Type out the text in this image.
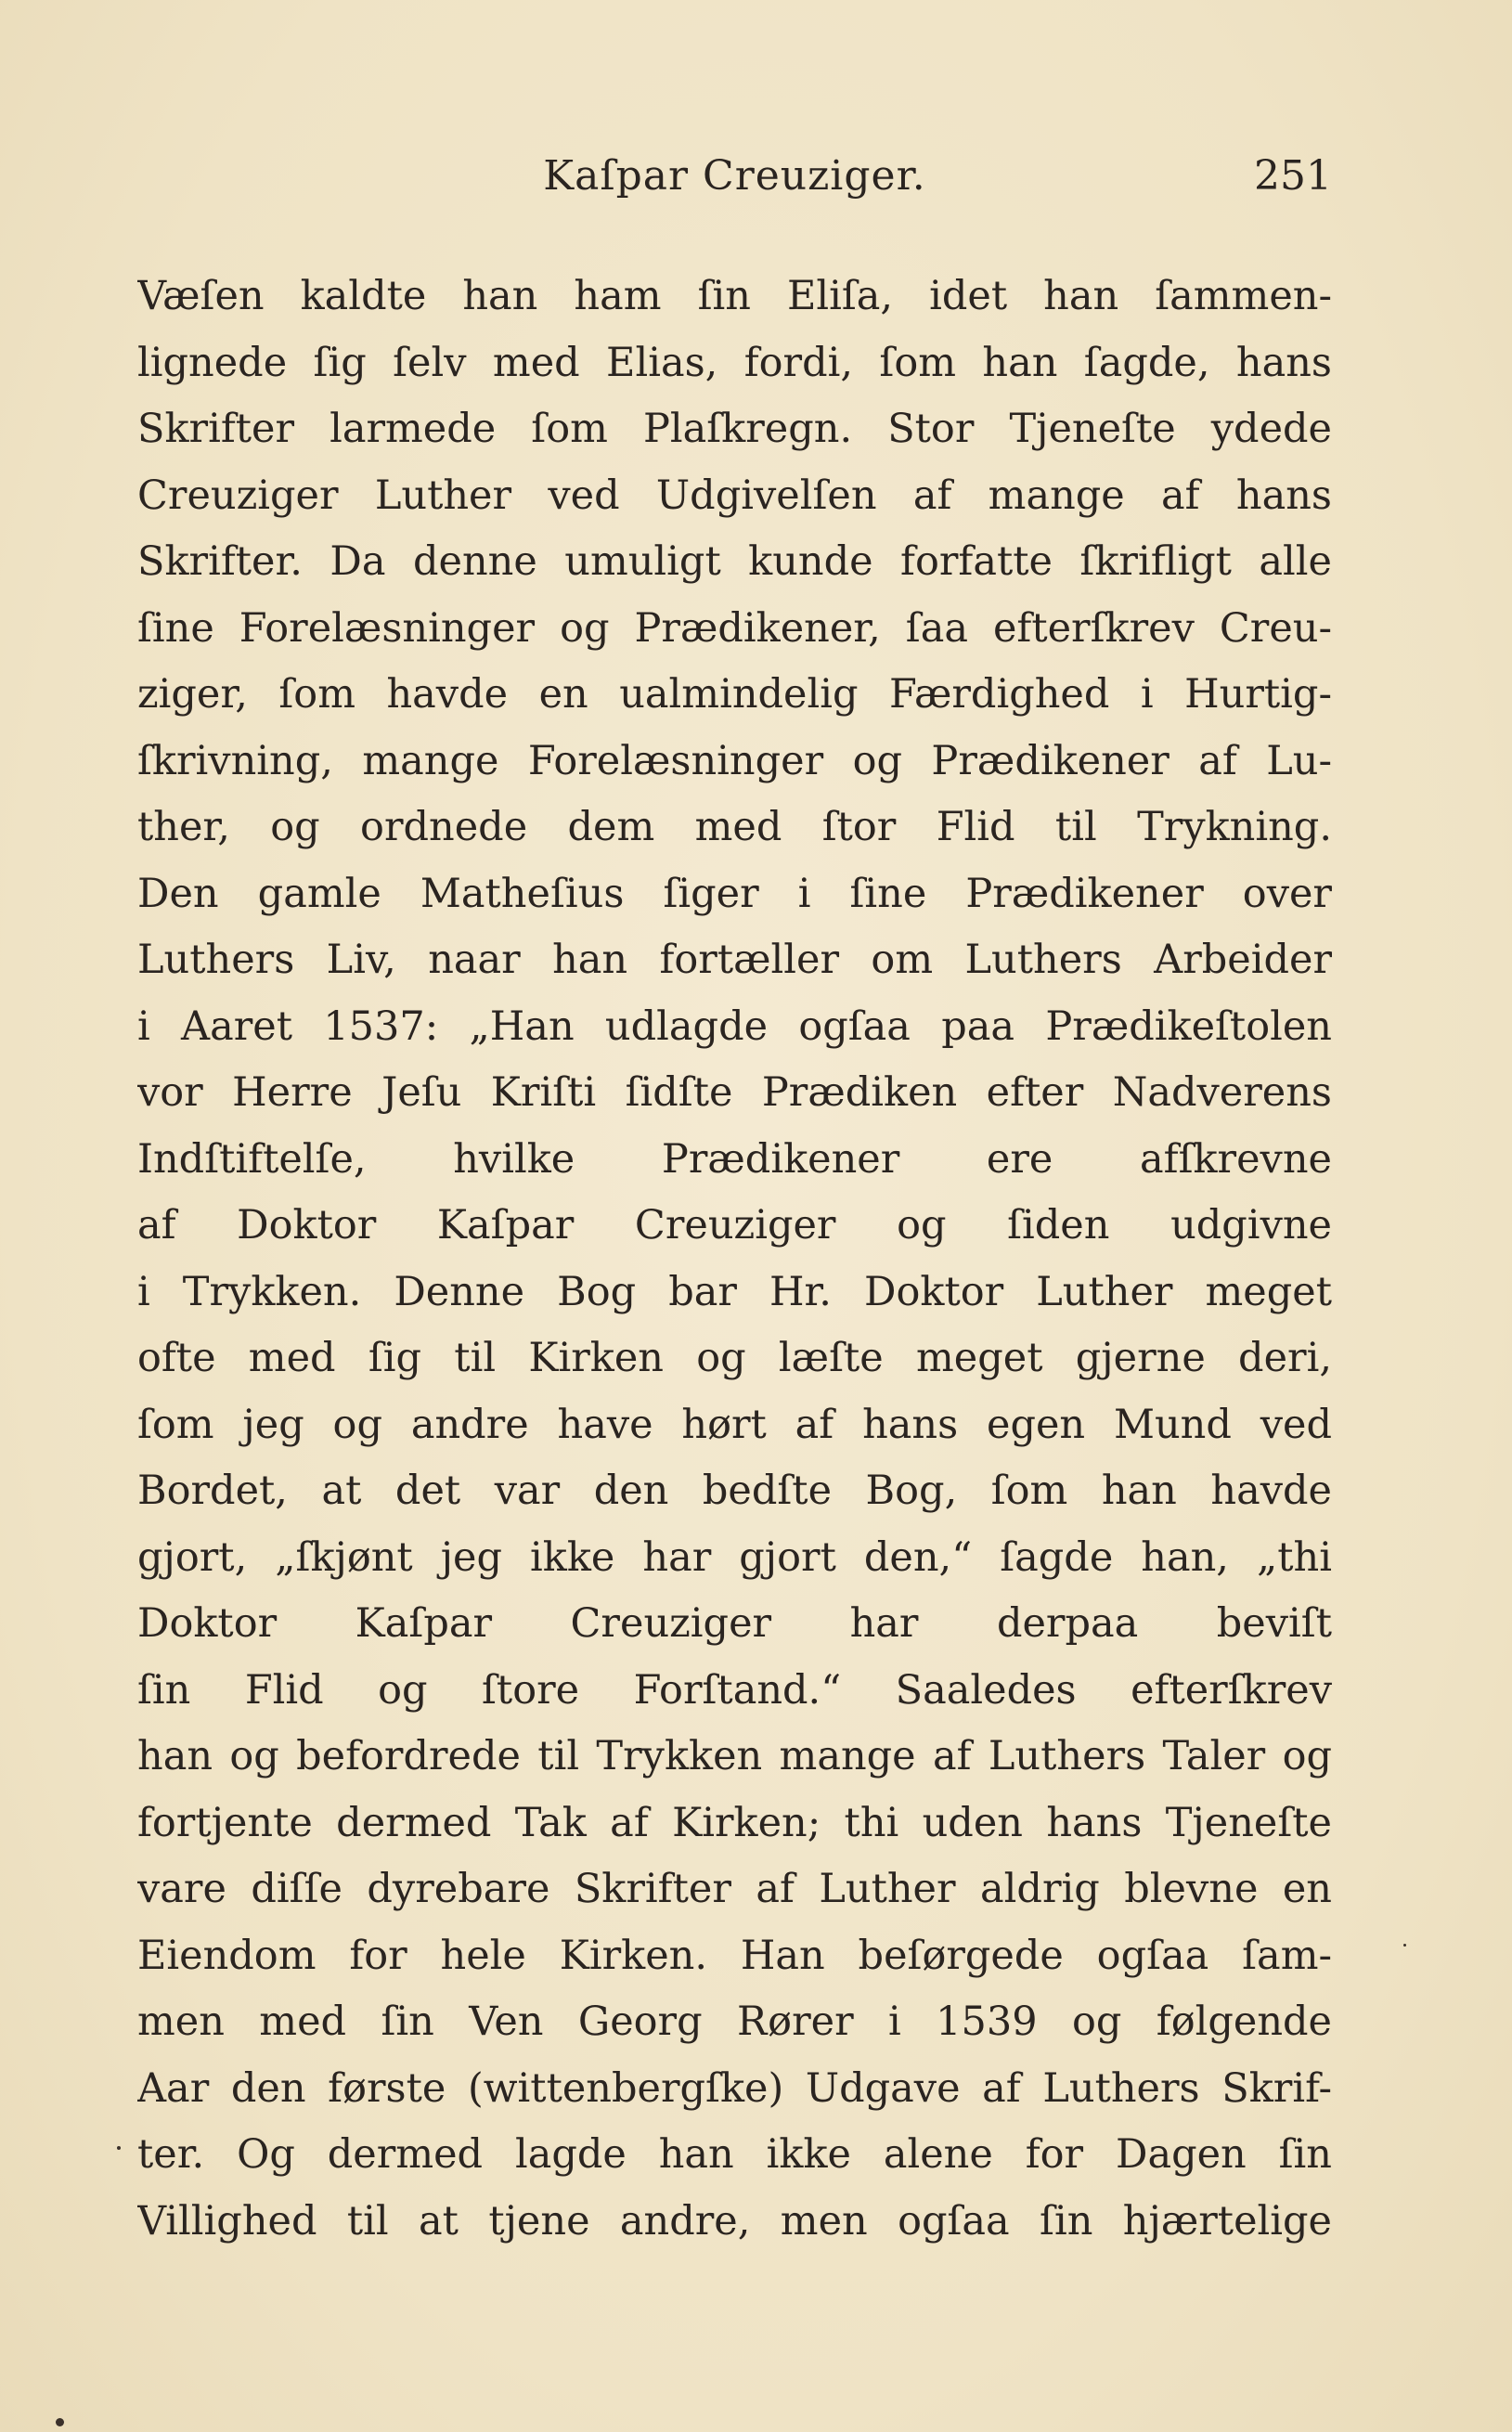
Kaſpar Creuziger.	251
Væſen kaldte han ham ſin Eliſa, idet han ſammen-
lignede ſig ſelv med Elias, fordi, ſom han ſagde, hans
Skrifter larmede ſom Plaſkregn. Stor Tjeneſte ydede
Creuziger Luther ved Udgivelſen af mange af hans
Skrifter. Da denne umuligt kunde forfatte ſkrifligt alle
ſine Forelæsninger og Prædikener, ſaa efterſkrev Creu-
ziger, ſom havde en ualmindelig Færdighed i Hurtig-
ſkrivning, mange Forelæsninger og Prædikener af Lu-
ther, og ordnede dem med ſtor Flid til Trykning.
Den gamle Matheſius ſiger i ſine Prædikener over
Luthers Liv, naar han fortæller om Luthers Arbeider
i Aaret 1537: „Han udlagde ogſaa paa Prædikeſtolen
vor Herre Jeſu Kriſti ſidſte Prædiken efter Nadverens
Indſtiftelſe, hvilke Prædikener ere afſkrevne
af Doktor Kaſpar Creuziger og ſiden udgivne
i Trykken. Denne Bog bar Hr. Doktor Luther meget
ofte med ſig til Kirken og læſte meget gjerne deri,
ſom jeg og andre have hørt af hans egen Mund ved
Bordet, at det var den bedſte Bog, ſom han havde
gjort, „ſkjønt jeg ikke har gjort den,“ ſagde han, „thi
Doktor Kaſpar Creuziger har derpaa beviſt
ſin Flid og ſtore Forſtand.“ Saaledes efterſkrev
han og befordrede til Trykken mange af Luthers Taler og
fortjente dermed Tak af Kirken; thi uden hans Tjeneſte
vare diſſe dyrebare Skrifter af Luther aldrig blevne en
Eiendom for hele Kirken. Han beſørgede ogſaa ſam-
men med ſin Ven Georg Rører i 1539 og følgende
Aar den første (wittenbergſke) Udgave af Luthers Skrif-
ter. Og dermed lagde han ikke alene for Dagen ſin
Villighed til at tjene andre, men ogſaa ſin hjærtelige
